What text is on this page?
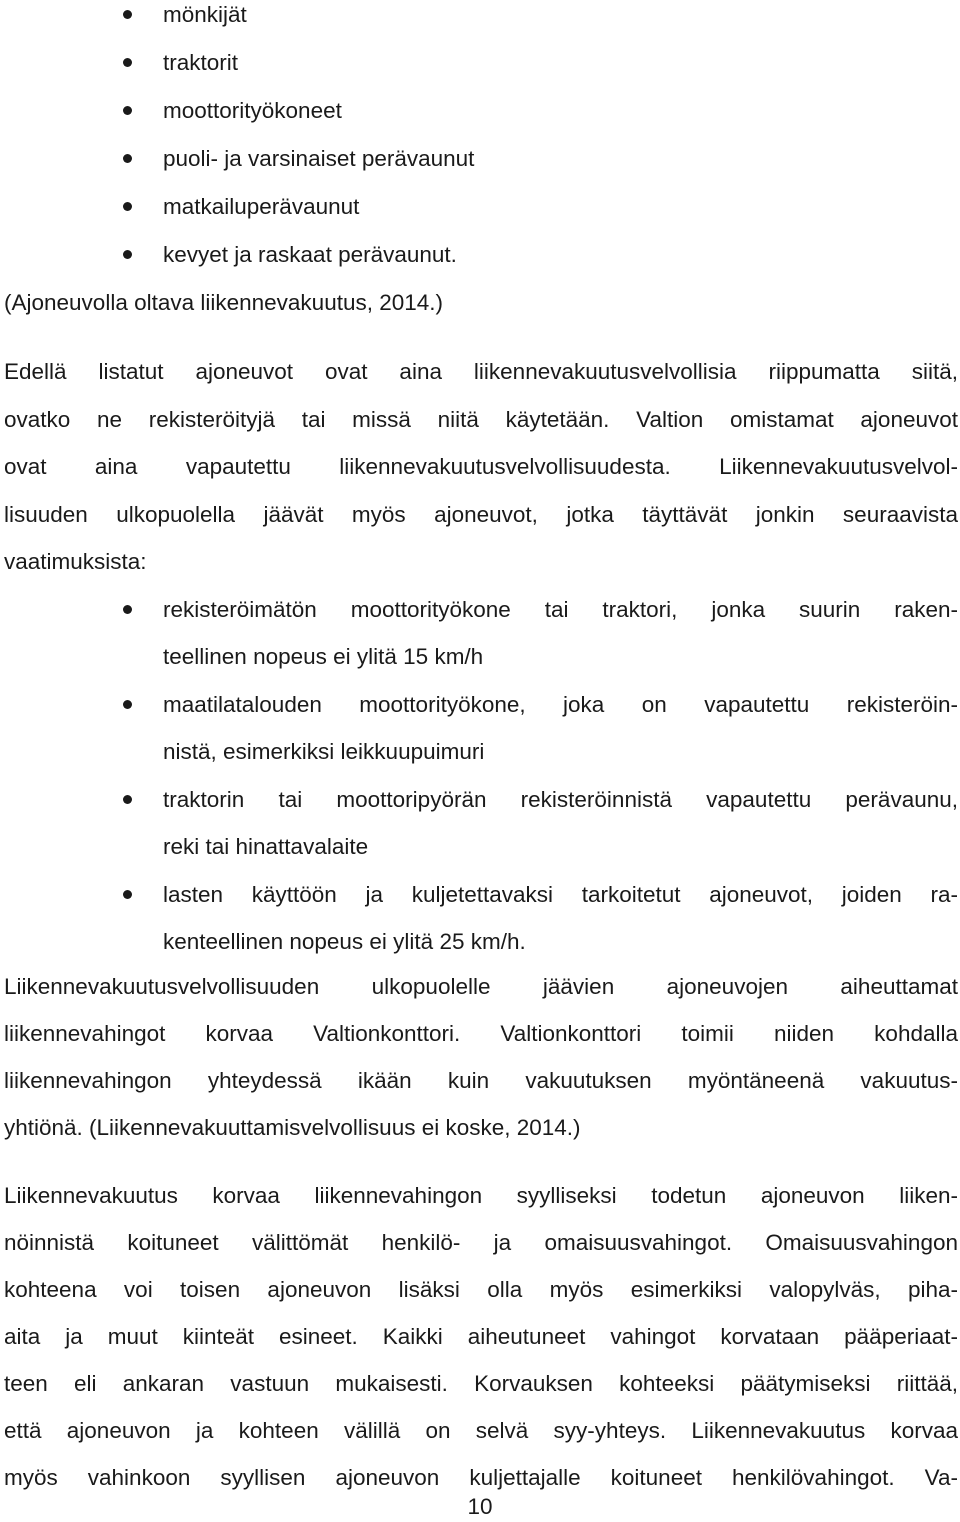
mönkijät
traktorit
moottorityökoneet
puoli- ja varsinaiset perävaunut
matkailuperävaunut
kevyet ja raskaat perävaunut.
(Ajoneuvolla oltava liikennevakuutus, 2014.)
Edellä listatut ajoneuvot ovat aina liikennevakuutusvelvollisia riippumatta siitä,
ovatko ne rekisteröityjä tai missä niitä käytetään. Valtion omistamat ajoneuvot
ovat aina vapautettu liikennevakuutusvelvollisuudesta. Liikennevakuutusvelvol-
lisuuden ulkopuolella jäävät myös ajoneuvot, jotka täyttävät jonkin seuraavista
vaatimuksista:
rekisteröimätön moottorityökone tai traktori, jonka suurin raken-
teellinen nopeus ei ylitä 15 km/h
maatilatalouden moottorityökone, joka on vapautettu rekisteröin-
nistä, esimerkiksi leikkuupuimuri
traktorin tai moottoripyörän rekisteröinnistä vapautettu perävaunu,
reki tai hinattavalaite
lasten käyttöön ja kuljetettavaksi tarkoitetut ajoneuvot, joiden ra-
kenteellinen nopeus ei ylitä 25 km/h.
Liikennevakuutusvelvollisuuden ulkopuolelle jäävien ajoneuvojen aiheuttamat
liikennevahingot korvaa Valtionkonttori. Valtionkonttori toimii niiden kohdalla
liikennevahingon yhteydessä ikään kuin vakuutuksen myöntäneenä vakuutus-
yhtiönä. (Liikennevakuuttamisvelvollisuus ei koske, 2014.)
Liikennevakuutus korvaa liikennevahingon syylliseksi todetun ajoneuvon liiken-
nöinnistä koituneet välittömät henkilö- ja omaisuusvahingot. Omaisuusvahingon
kohteena voi toisen ajoneuvon lisäksi olla myös esimerkiksi valopylväs, piha-
aita ja muut kiinteät esineet. Kaikki aiheutuneet vahingot korvataan pääperiaat-
teen eli ankaran vastuun mukaisesti. Korvauksen kohteeksi päätymiseksi riittää,
että ajoneuvon ja kohteen välillä on selvä syy-yhteys. Liikennevakuutus korvaa
myös vahinkoon syyllisen ajoneuvon kuljettajalle koituneet henkilövahingot. Va-
10
